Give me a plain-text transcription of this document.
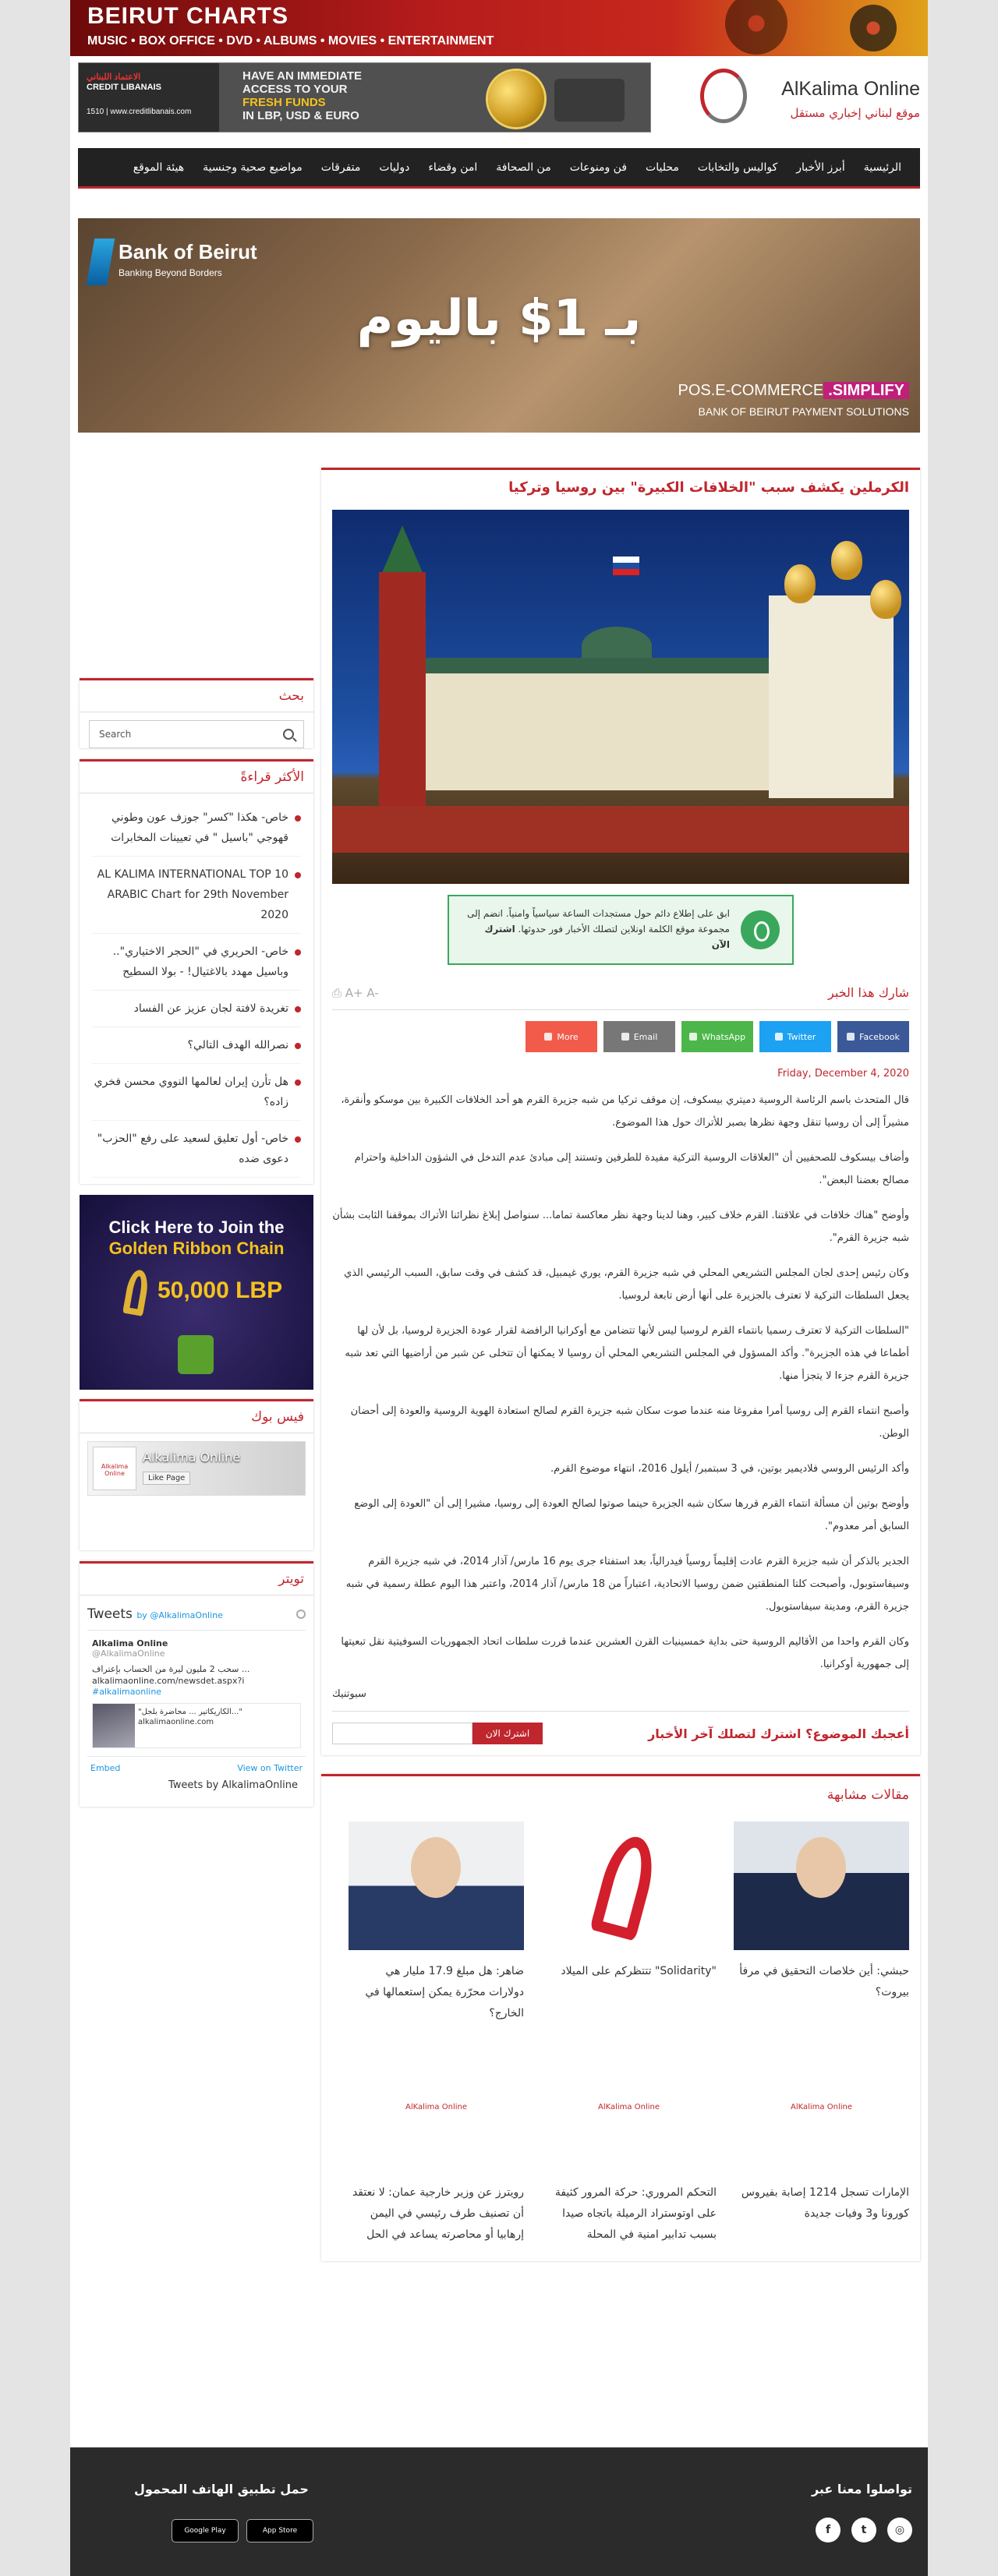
BEIRUT CHARTS
MUSIC • BOX OFFICE • DVD • ALBUMS • MOVIES • ENTERTAINMENT
الاعتماد اللبناني
CREDIT LIBANAIS
1510 | www.creditlibanais.com
HAVE AN IMMEDIATE
ACCESS TO YOUR
FRESH FUNDS
IN LBP, USD & EURO
AlKalima Online
موقع لبناني إخباري مستقل
الرئيسية
أبرز الأخبار
كواليس والتخابات
محليات
فن ومنوعات
من الصحافة
امن وقضاء
دوليات
متفرقات
مواضيع صحية وجنسية
هيئة الموقع
Bank of Beirut
Banking Beyond Borders
بـ 1$ باليوم
POS.E-COMMERCE .SIMPLIFY
BANK OF BEIRUT PAYMENT SOLUTIONS
بحث
Search
الأكثر قراءةً
خاص- هكذا "كسر" جوزف عون وطوني قهوجي "باسيل " في تعيينات المخابرات
AL KALIMA INTERNATIONAL TOP 10 ARABIC Chart for 29th November 2020
خاص- الحريري في "الحجر الاختياري".. وباسيل مهدد بالاغتيال! - بولا السطيح
تغريدة لافتة لجان عزيز عن الفساد
نصرالله الهدف التالي؟
هل تأرن إيران لعالمها النووي محسن فخري زاده؟
خاص- أول تعليق لسعيد على رفع "الحزب" دعوى ضده
Click Here to Join the
Golden Ribbon Chain
50,000 LBP
فيس بوك
Alkalima Online
Alkalima Online
Like Page
تويتر
Tweets by @AlkalimaOnline
Alkalima Online
@AlkalimaOnline
سحب 2 مليون ليرة من الحساب بإعتراف ... alkalimaonline.com/newsdet.aspx?i
#alkalimaonline
"الكاريكاتير ... محاضرة بلجل..." alkalimaonline.com
Embed	View on Twitter
Tweets by AlkalimaOnline
الكرملين يكشف سبب "الخلافات الكبيرة" بين روسيا وتركيا
ابق على إطلاع دائم حول مستجدات الساعة سياسياً وامنياً. انضم إلى مجموعة موقع الكلمة اونلاين لتصلك الأخبار فور حدوثها. اشترك الآن
⎙ A+ A-	شارك هذا الخبر
More	Email	WhatsApp	Twitter	Facebook
Friday, December 4, 2020

قال المتحدث باسم الرئاسة الروسية دميتري بيسكوف، إن موقف تركيا من شبه جزيرة القرم هو أحد الخلافات الكبيرة بين موسكو وأنقرة، مشيراً إلى أن روسيا تنقل وجهة نظرها بصبر للأتراك حول هذا الموضوع.

وأضاف بيسكوف للصحفيين أن "العلاقات الروسية التركية مفيدة للطرفين وتستند إلى مبادئ عدم التدخل في الشؤون الداخلية واحترام مصالح بعضنا البعض".

وأوضح "هناك خلافات في علاقتنا. القرم خلاف كبير، وهنا لدينا وجهة نظر معاكسة تماما... سنواصل إبلاغ نظرائنا الأتراك بموقفنا الثابت بشأن شبه جزيرة القرم".

وكان رئيس إحدى لجان المجلس التشريعي المحلي في شبه جزيرة القرم، يوري غيمبيل، قد كشف في وقت سابق، السبب الرئيسي الذي يجعل السلطات التركية لا تعترف بالجزيرة على أنها أرض تابعة لروسيا.

"السلطات التركية لا تعترف رسميا بانتماء القرم لروسيا ليس لأنها تتضامن مع أوكرانيا الرافضة لقرار عودة الجزيرة لروسيا، بل لأن لها أطماعا في هذه الجزيرة". وأكد المسؤول في المجلس التشريعي المحلي أن روسيا لا يمكنها أن تتخلى عن شبر من أراضيها التي تعد شبه جزيرة القرم جزءا لا يتجزأ منها.

وأصبح انتماء القرم إلى روسيا أمرا مفروغا منه عندما صوت سكان شبه جزيرة القرم لصالح استعادة الهوية الروسية والعودة إلى أحضان الوطن.

وأكد الرئيس الروسي فلاديمير بوتين، في 3 سبتمبر/ أيلول 2016، انتهاء موضوع القرم.

وأوضح بوتين أن مسألة انتماء القرم قررها سكان شبه الجزيرة حينما صوتوا لصالح العودة إلى روسيا، مشيرا إلى أن "العودة إلى الوضع السابق أمر معدوم".

الجدير بالذكر أن شبه جزيرة القرم عادت إقليماً روسياً فيدرالياً، بعد استفتاء جرى يوم 16 مارس/ آذار 2014، في شبه جزيرة القرم وسيفاستوبول، وأصبحت كلتا المنطقتين ضمن روسيا الاتحادية، اعتباراً من 18 مارس/ آذار 2014، واعتبر هذا اليوم عطلة رسمية في شبه جزيرة القرم، ومدينة سيفاستوبول.

وكان القرم واحدا من الأقاليم الروسية حتى بداية خمسينيات القرن العشرين عندما قررت سلطات اتحاد الجمهوريات السوفيتية نقل تبعيتها إلى جمهورية أوكرانيا.

سبوتنيك
أعجبك الموضوع؟ اشترك لتصلك آخر الأخبار
اشترك الان
مقالات مشابهة
حبشي: أين خلاصات التحقيق في مرفأ بيروت؟
"Solidarity" تتتظركم على الميلاد
ضاهر: هل مبلغ 17.9 مليار هي دولارات محرّرة يمكن إستعمالها في الخارج؟
AlKalima Online
الإمارات تسجل 1214 إصابة بفيروس كورونا و3 وفيات جديدة
AlKalima Online
التحكم المروري: حركة المرور كثيفة على اوتوستراد الرميلة باتجاه صيدا بسبب تدابير امنية في المحلة
AlKalima Online
رويترز عن وزير خارجية عمان: لا نعتقد أن تصنيف طرف رئيسي في اليمن إرهابيا أو محاصرته يساعد في الحل
تواصلوا معنا عبر
حمل تطبيق الهاتف المحمول
f	t	◎
Google Play	App Store
